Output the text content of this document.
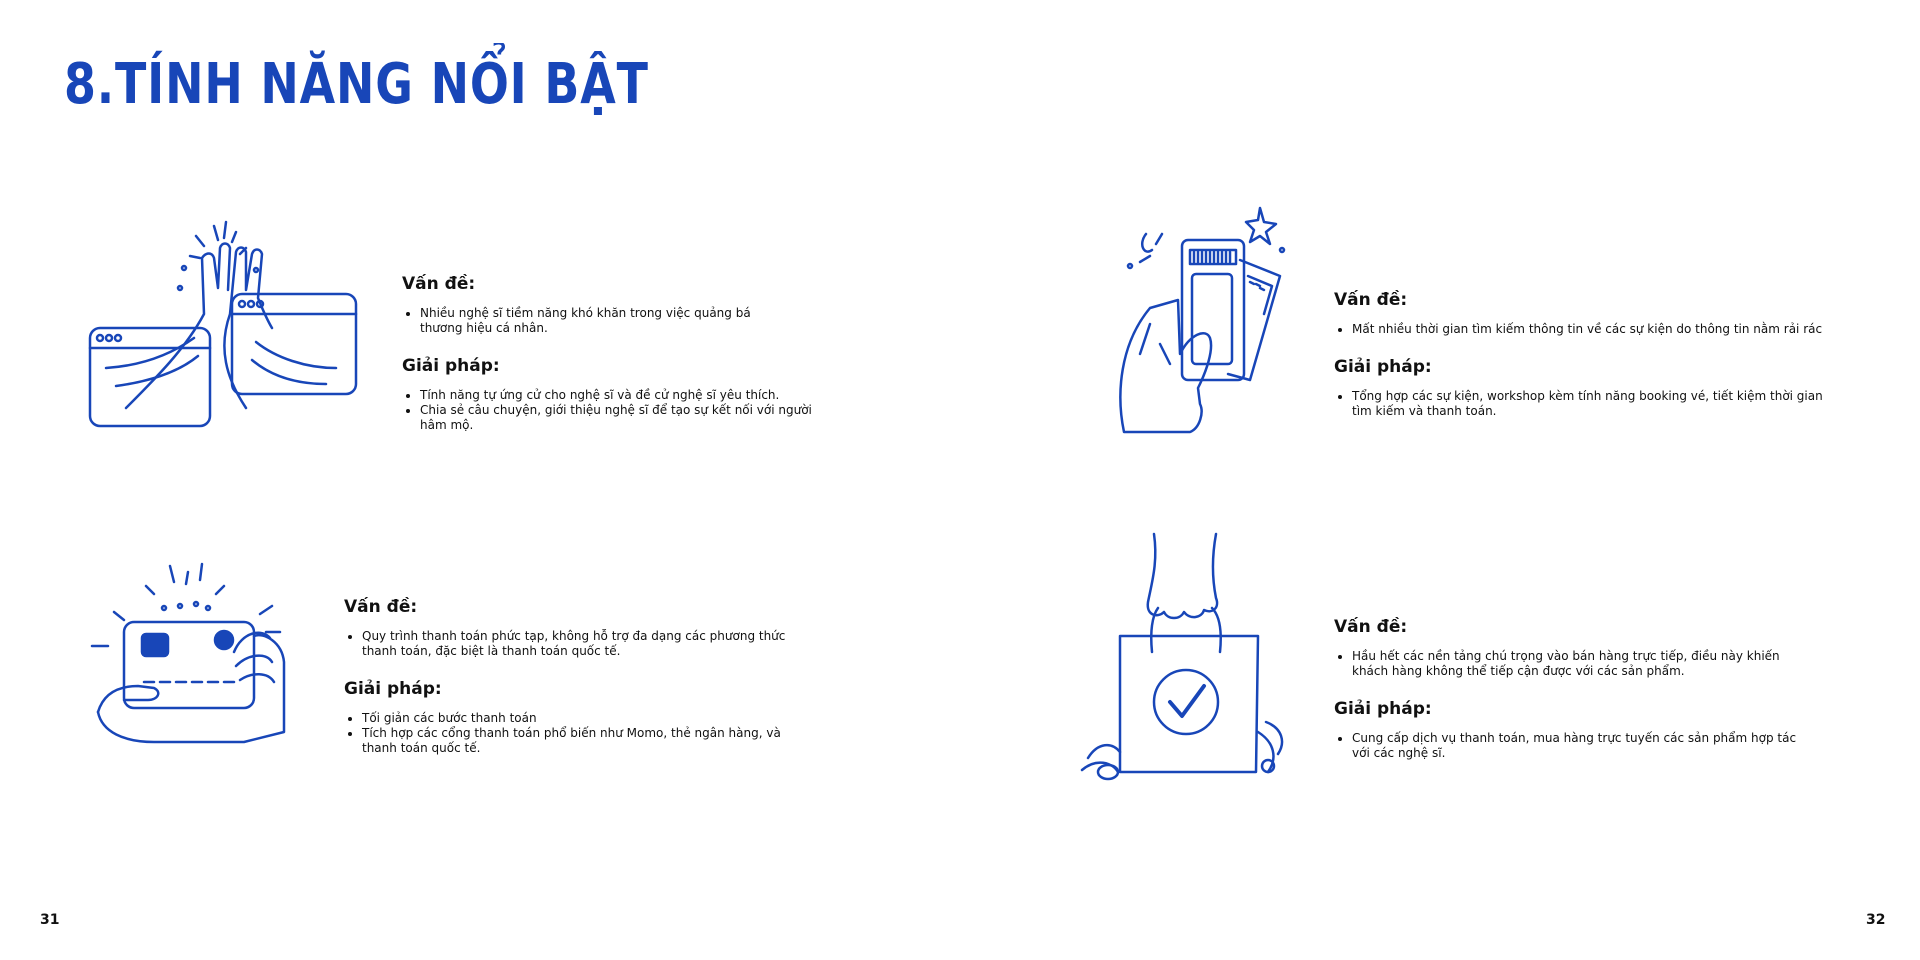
8.TÍNH NĂNG NỔI BẬT
Vấn đề:
• Nhiều nghệ sĩ tiềm năng khó khăn trong việc quảng bá thương hiệu cá nhân.
Giải pháp:
• Tính năng tự ứng cử cho nghệ sĩ và đề cử nghệ sĩ yêu thích.
• Chia sẻ câu chuyện, giới thiệu nghệ sĩ để tạo sự kết nối với người hâm mộ.
Vấn đề:
• Mất nhiều thời gian tìm kiếm thông tin về các sự kiện do thông tin nằm rải rác
Giải pháp:
• Tổng hợp các sự kiện, workshop kèm tính năng booking vé, tiết kiệm thời gian tìm kiếm và thanh toán.
Vấn đề:
• Quy trình thanh toán phức tạp, không hỗ trợ đa dạng các phương thức thanh toán, đặc biệt là thanh toán quốc tế.
Giải pháp:
• Tối giản các bước thanh toán
• Tích hợp các cổng thanh toán phổ biến như Momo, thẻ ngân hàng, và thanh toán quốc tế.
Vấn đề:
• Hầu hết các nền tảng chú trọng vào bán hàng trực tiếp, điều này khiến khách hàng không thể tiếp cận được với các sản phẩm.
Giải pháp:
• Cung cấp dịch vụ thanh toán, mua hàng trực tuyến các sản phẩm hợp tác với các nghệ sĩ.
31	32
